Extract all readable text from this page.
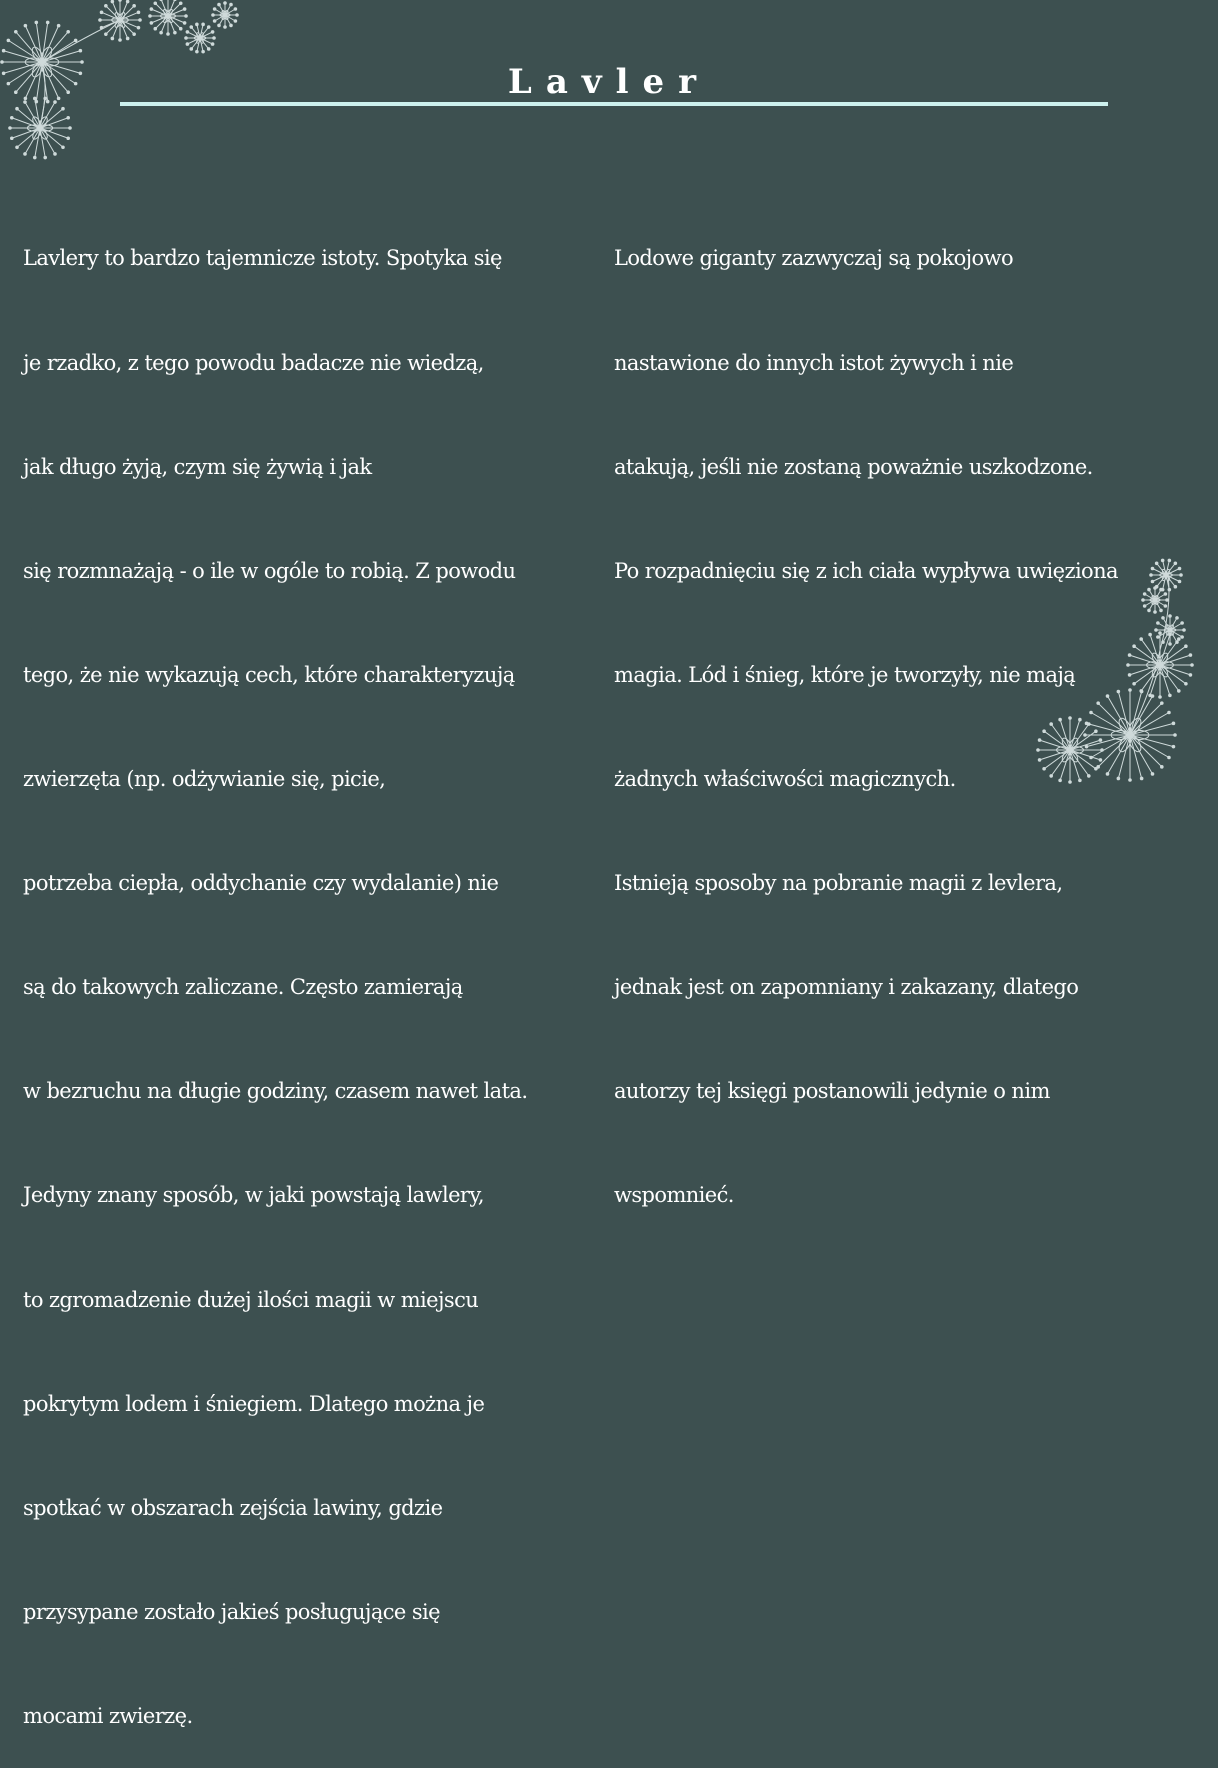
Lavler

Lavlery to bardzo tajemnicze istoty. Spotyka się

je rzadko, z tego powodu badacze nie wiedzą,

jak długo żyją, czym się żywią i jak

się rozmnażają - o ile w ogóle to robią. Z powodu

tego, że nie wykazują cech, które charakteryzują

zwierzęta (np. odżywianie się, picie,

potrzeba ciepła, oddychanie czy wydalanie) nie

są do takowych zaliczane. Często zamierają

w bezruchu na długie godziny, czasem nawet lata.

Jedyny znany sposób, w jaki powstają lawlery,

to zgromadzenie dużej ilości magii w miejscu

pokrytym lodem i śniegiem. Dlatego można je

spotkać w obszarach zejścia lawiny, gdzie

przysypane zostało jakieś posługujące się

mocami zwierzę.

Lodowe giganty zazwyczaj są pokojowo

nastawione do innych istot żywych i nie

atakują, jeśli nie zostaną poważnie uszkodzone.

Po rozpadnięciu się z ich ciała wypływa uwięziona

magia. Lód i śnieg, które je tworzyły, nie mają

żadnych właściwości magicznych.

Istnieją sposoby na pobranie magii z levlera,

jednak jest on zapomniany i zakazany, dlatego

autorzy tej księgi postanowili jedynie o nim

wspomnieć.
